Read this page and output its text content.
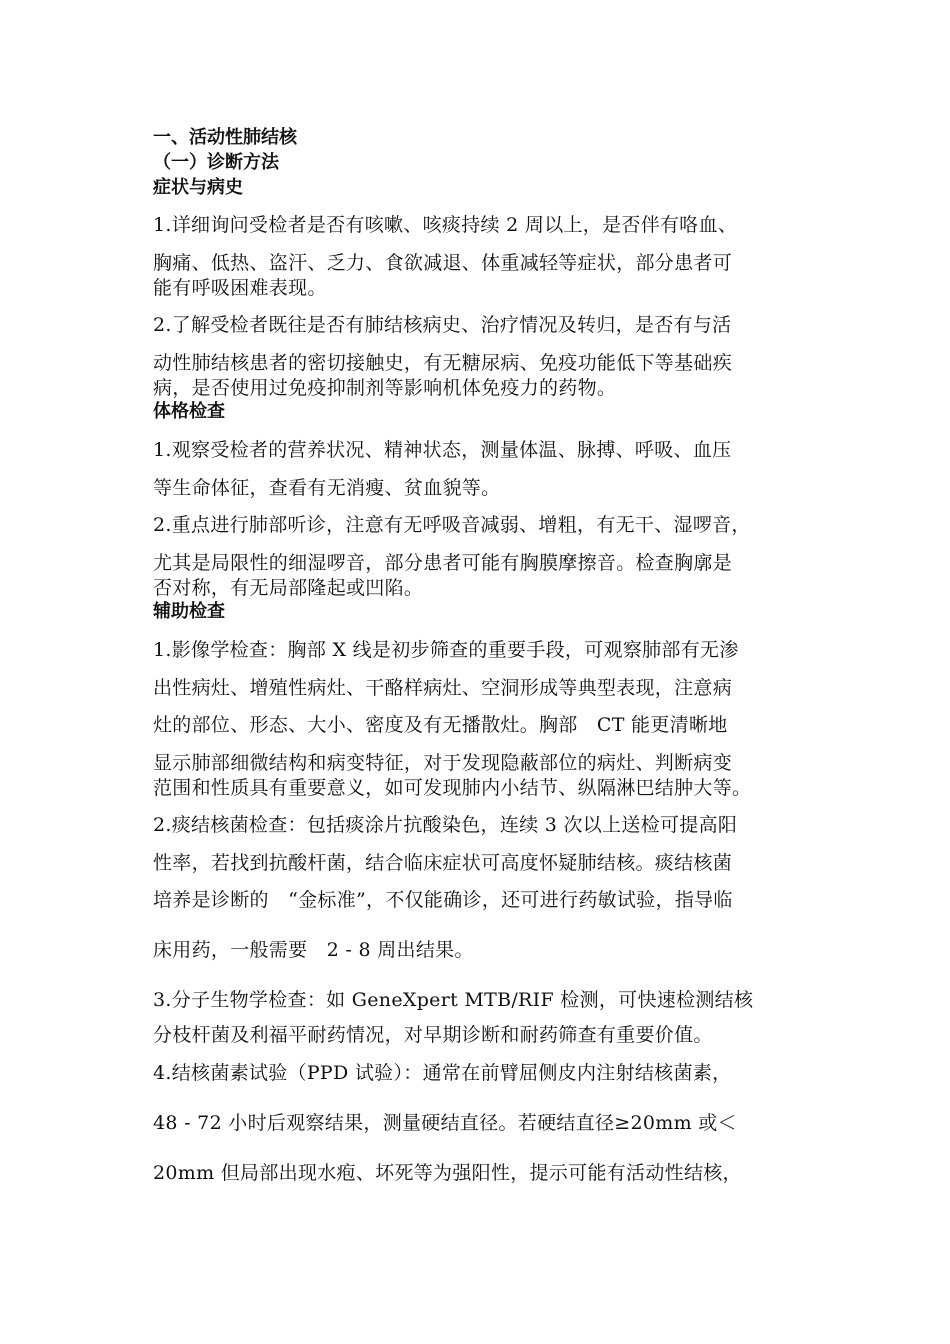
一、活动性肺结核
（一）诊断方法
症状与病史
1.详细询问受检者是否有咳嗽、咳痰持续 2 周以上，是否伴有咯血、
胸痛、低热、盗汗、乏力、食欲减退、体重减轻等症状，部分患者可
能有呼吸困难表现。
2.了解受检者既往是否有肺结核病史、治疗情况及转归，是否有与活
动性肺结核患者的密切接触史，有无糖尿病、免疫功能低下等基础疾
病，是否使用过免疫抑制剂等影响机体免疫力的药物。
体格检查
1.观察受检者的营养状况、精神状态，测量体温、脉搏、呼吸、血压
等生命体征，查看有无消瘦、贫血貌等。
2.重点进行肺部听诊，注意有无呼吸音减弱、增粗，有无干、湿啰音，
尤其是局限性的细湿啰音，部分患者可能有胸膜摩擦音。检查胸廓是
否对称，有无局部隆起或凹陷。
辅助检查
1.影像学检查：胸部 X 线是初步筛查的重要手段，可观察肺部有无渗
出性病灶、增殖性病灶、干酪样病灶、空洞形成等典型表现，注意病
灶的部位、形态、大小、密度及有无播散灶。胸部　CT 能更清晰地
显示肺部细微结构和病变特征，对于发现隐蔽部位的病灶、判断病变
范围和性质具有重要意义，如可发现肺内小结节、纵隔淋巴结肿大等。
2.痰结核菌检查：包括痰涂片抗酸染色，连续 3 次以上送检可提高阳
性率，若找到抗酸杆菌，结合临床症状可高度怀疑肺结核。痰结核菌
培养是诊断的　“金标准”，不仅能确诊，还可进行药敏试验，指导临
床用药，一般需要　2 - 8 周出结果。
3.分子生物学检查：如 GeneXpert MTB/RIF 检测，可快速检测结核
分枝杆菌及利福平耐药情况，对早期诊断和耐药筛查有重要价值。
4.结核菌素试验（PPD 试验）：通常在前臂屈侧皮内注射结核菌素，
48 - 72 小时后观察结果，测量硬结直径。若硬结直径≥20mm 或＜
20mm 但局部出现水疱、坏死等为强阳性，提示可能有活动性结核，
